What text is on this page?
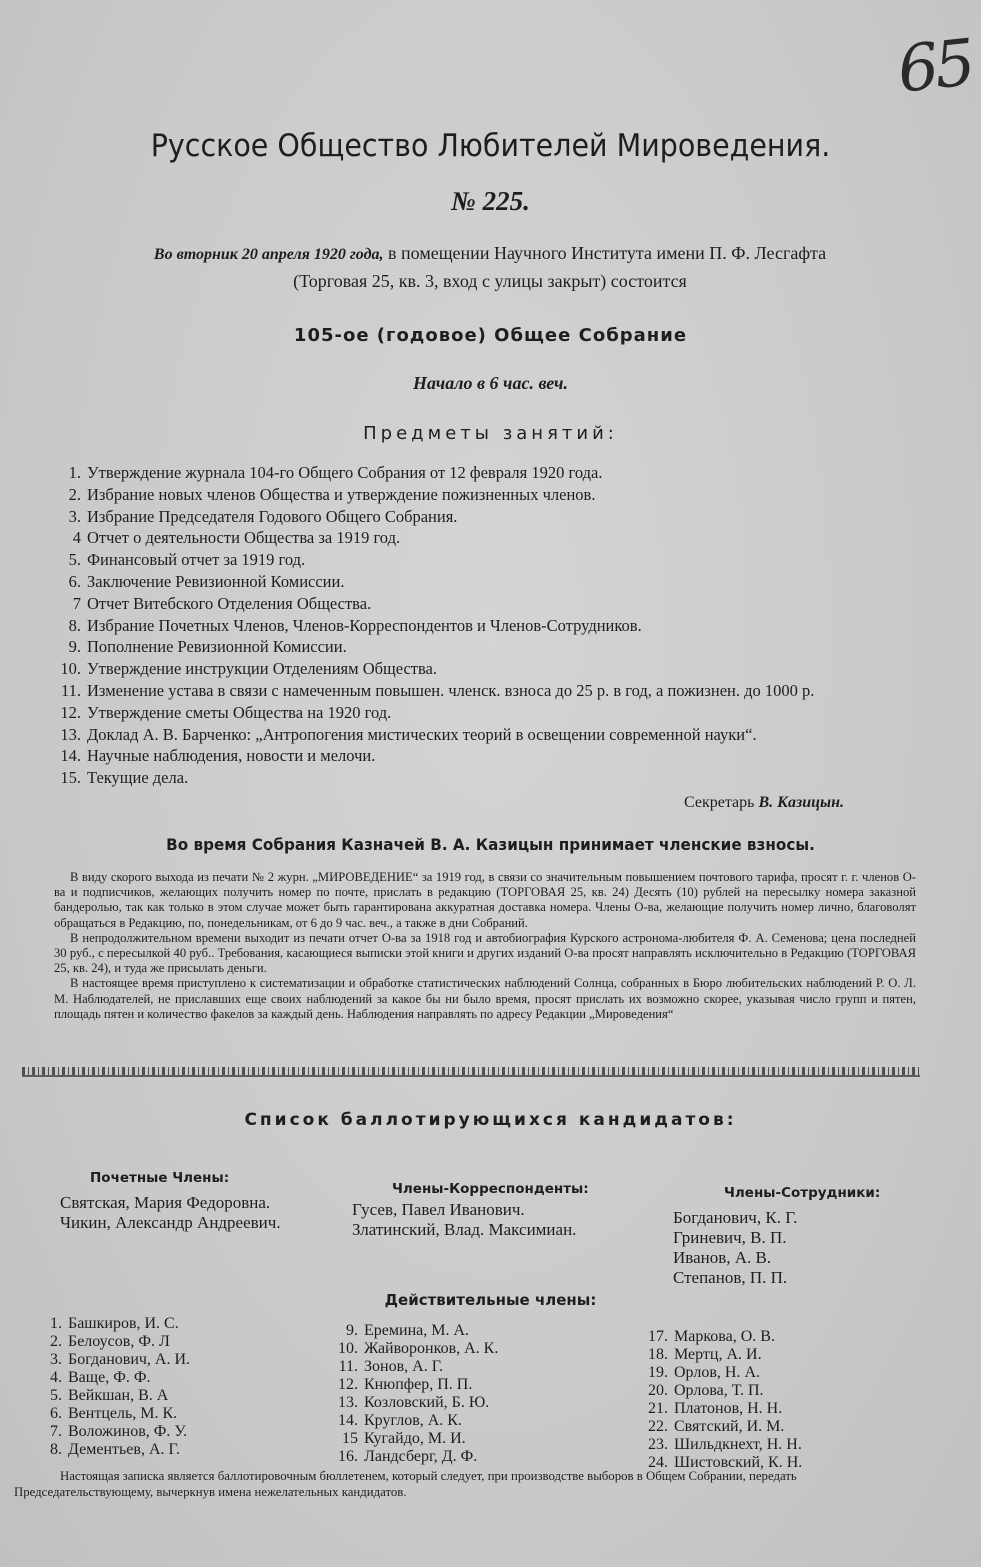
65
Русское Общество Любителей Мироведения.
№ 225.
Во вторник 20 апреля 1920 года, в помещении Научного Института имени П. Ф. Лесгафта
(Торговая 25, кв. 3, вход с улицы закрыт) состоится
105-ое (годовое) Общее Собрание
Начало в 6 час. веч.
Предметы занятий:
1. Утверждение журнала 104-го Общего Собрания от 12 февраля 1920 года.
2. Избрание новых членов Общества и утверждение пожизненных членов.
3. Избрание Председателя Годового Общего Собрания.
4 Отчет о деятельности Общества за 1919 год.
5. Финансовый отчет за 1919 год.
6. Заключение Ревизионной Комиссии.
7 Отчет Витебского Отделения Общества.
8. Избрание Почетных Членов, Членов-Корреспондентов и Членов-Сотрудников.
9. Пополнение Ревизионной Комиссии.
10. Утверждение инструкции Отделениям Общества.
11. Изменение устава в связи с намеченным повышен. членск. взноса до 25 р. в год, а пожизнен. до 1000 р.
12. Утверждение сметы Общества на 1920 год.
13. Доклад А. В. Барченко: „Антропогения мистических теорий в освещении современной науки“.
14. Научные наблюдения, новости и мелочи.
15. Текущие дела.
Секретарь В. Казицын.
Во время Собрания Казначей В. А. Казицын принимает членские взносы.

В виду скорого выхода из печати № 2 журн. „МИРОВЕДЕНИЕ“ за 1919 год, в связи со значительным повышением почтового тарифа, просят г. г. членов О-ва и подписчиков, желающих получить номер по почте, прислать в редакцию (ТОРГОВАЯ 25, кв. 24) Десять (10) рублей на пересылку номера заказной бандеролью, так как только в этом случае может быть гарантирована аккуратная доставка номера. Члены О-ва, желающие получить номер лично, благоволят обращаться в Редакцию, по, понедельникам, от 6 до 9 час. веч., а также в дни Собраний.

В непродолжительном времени выходит из печати отчет О-ва за 1918 год и автобиография Курского астронома-любителя Ф. А. Семенова; цена последней 30 руб., с пересылкой 40 руб.. Требования, касающиеся выписки этой книги и других изданий О-ва просят направлять исключительно в Редакцию (ТОРГОВАЯ 25, кв. 24), и туда же присылать деньги.

В настоящее время приступлено к систематизации и обработке статистических наблюдений Солнца, собранных в Бюро любительских наблюдений Р. О. Л. М. Наблюдателей, не приславших еще своих наблюдений за какое бы ни было время, просят прислать их возможно скорее, указывая число групп и пятен, площадь пятен и количество факелов за каждый день. Наблюдения направлять по адресу Редакции „Мироведения“

Список баллотирующихся кандидатов:
Почетные Члены:
Святская, Мария Федоровна.
Чикин, Александр Андреевич.
Члены-Корреспонденты:
Гусев, Павел Иванович.
Златинский, Влад. Максимиан.
Члены-Сотрудники:
Богданович, К. Г.
Гриневич, В. П.
Иванов, А. В.
Степанов, П. П.
Действительные члены:
1. Башкиров, И. С.
2. Белоусов, Ф. Л
3. Богданович, А. И.
4. Ваще, Ф. Ф.
5. Вейкшан, В. А
6. Вентцель, М. К.
7. Воложинов, Ф. У.
8. Дементьев, А. Г.
9. Еремина, М. А.
10. Жайворонков, А. К.
11. Зонов, А. Г.
12. Кнюпфер, П. П.
13. Козловский, Б. Ю.
14. Круглов, А. К.
15 Кугайдо, М. И.
16. Ландсберг, Д. Ф.
17. Маркова, О. В.
18. Мертц, А. И.
19. Орлов, Н. А.
20. Орлова, Т. П.
21. Платонов, Н. Н.
22. Святский, И. М.
23. Шильдкнехт, Н. Н.
24. Шистовский, К. Н.

Настоящая записка является баллотировочным бюллетенем, который следует, при производстве выборов в Общем Собрании, передать Председательствующему, вычеркнув имена нежелательных кандидатов.
